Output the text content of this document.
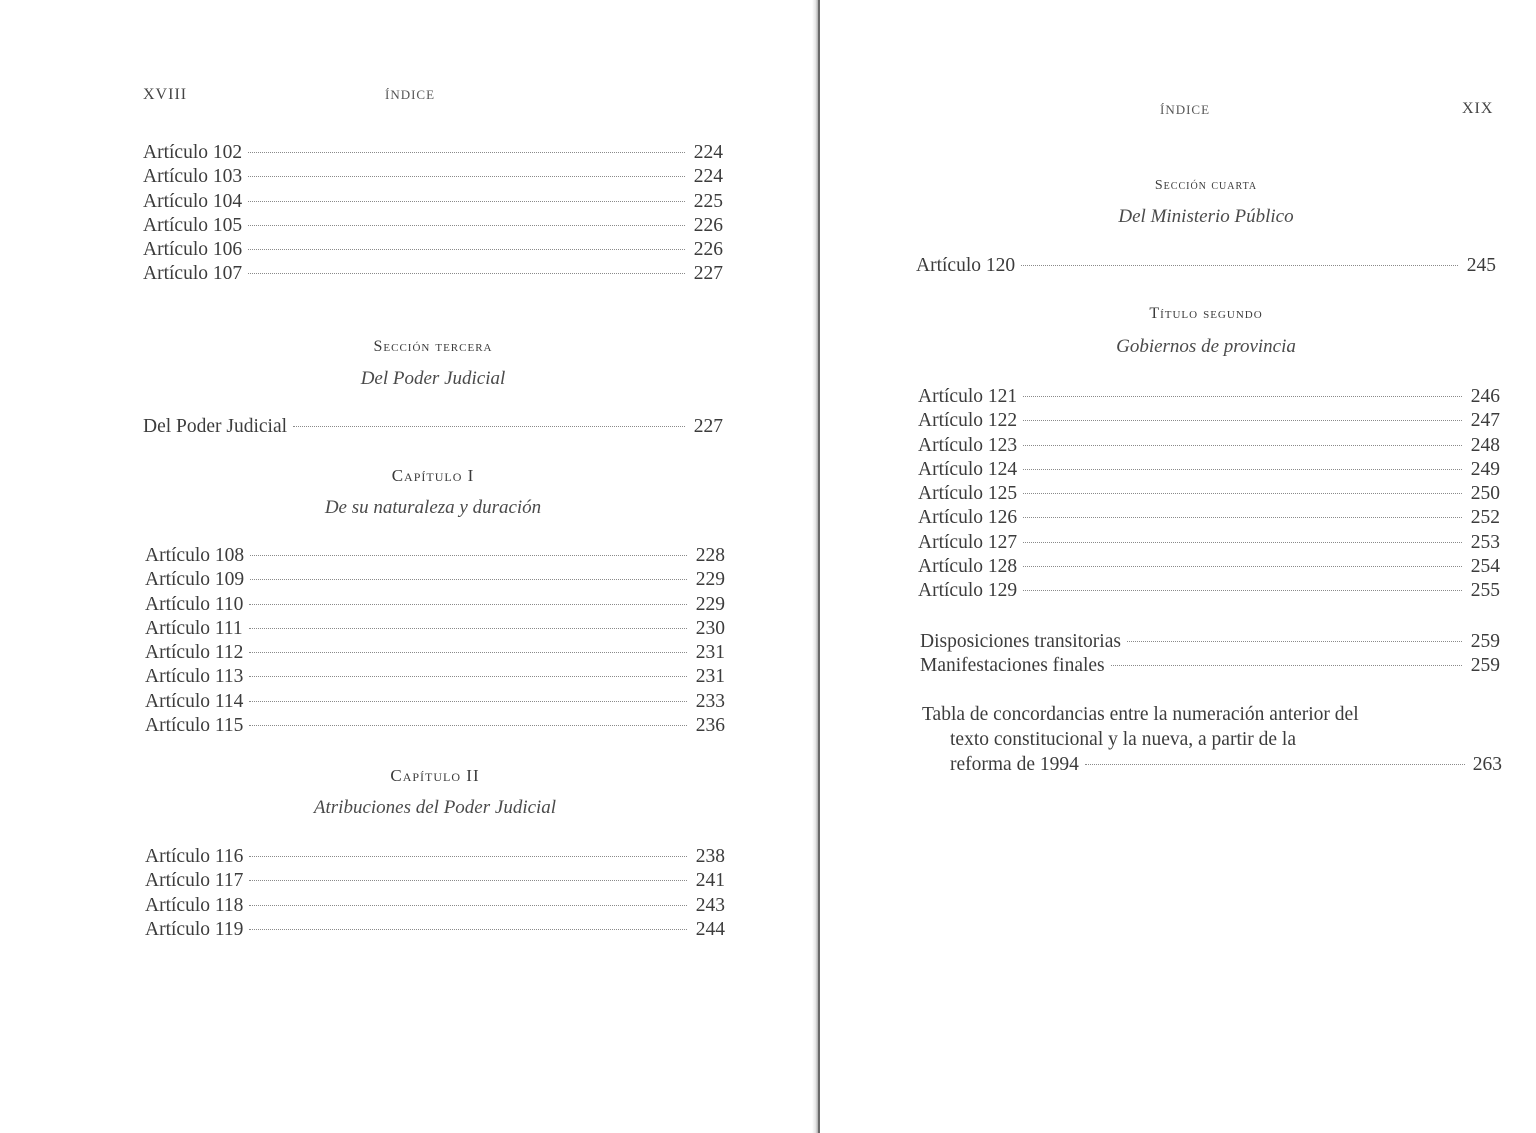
XVIII	ÍNDICE
Artículo 102	224
Artículo 103	224
Artículo 104	225
Artículo 105	226
Artículo 106	226
Artículo 107	227
Sección tercera
Del Poder Judicial
Del Poder Judicial	227
Capítulo I
De su naturaleza y duración
Artículo 108	228
Artículo 109	229
Artículo 110	229
Artículo 111	230
Artículo 112	231
Artículo 113	231
Artículo 114	233
Artículo 115	236
Capítulo II
Atribuciones del Poder Judicial
Artículo 116	238
Artículo 117	241
Artículo 118	243
Artículo 119	244
ÍNDICE	XIX
Sección cuarta
Del Ministerio Público
Artículo 120	245
Título segundo
Gobiernos de provincia
Artículo 121	246
Artículo 122	247
Artículo 123	248
Artículo 124	249
Artículo 125	250
Artículo 126	252
Artículo 127	253
Artículo 128	254
Artículo 129	255
Disposiciones transitorias	259
Manifestaciones finales	259
Tabla de concordancias entre la numeración anterior del
texto constitucional y la nueva, a partir de la
reforma de 1994	263
